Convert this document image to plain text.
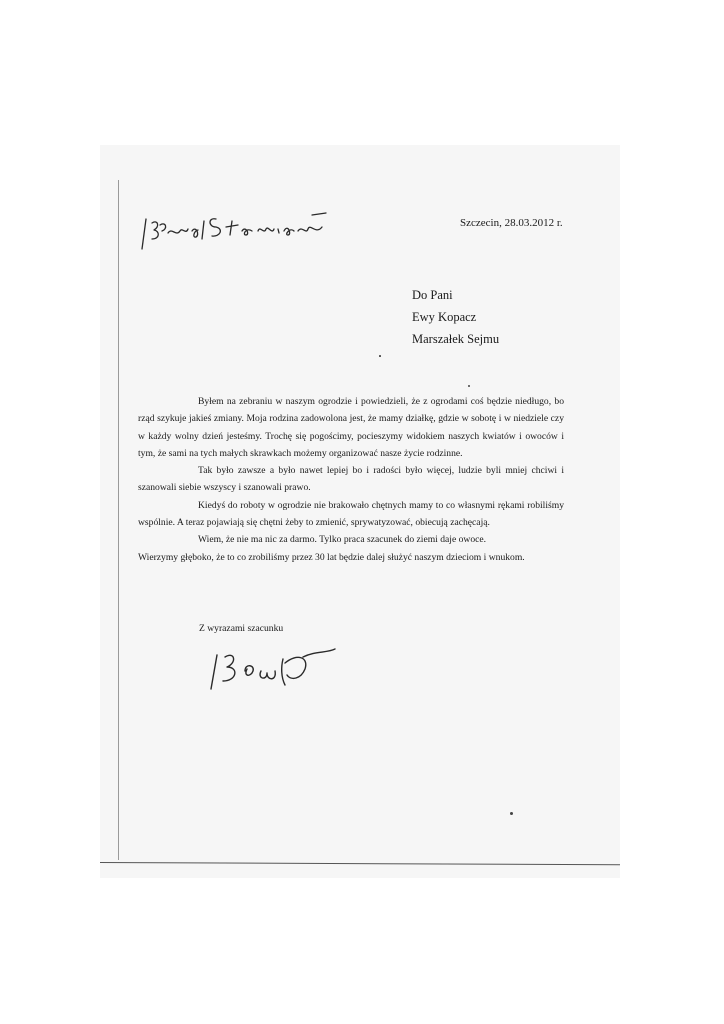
Szczecin, 28.03.2012 r.
Do Pani
Ewy Kopacz
Marszałek Sejmu

Byłem na zebraniu w naszym ogrodzie i powiedzieli, że z ogrodami coś będzie niedługo, bo rząd szykuje jakieś zmiany. Moja rodzina zadowolona jest, że mamy działkę, gdzie w sobotę i w niedziele czy w każdy wolny dzień jesteśmy. Trochę się pogościmy, pocieszymy widokiem naszych kwiatów i owoców i tym, że sami na tych małych skrawkach możemy organizować nasze życie rodzinne.

Tak było zawsze a było nawet lepiej bo i radości było więcej, ludzie byli mniej chciwi i szanowali siebie wszyscy i szanowali prawo.

Kiedyś do roboty w ogrodzie nie brakowało chętnych mamy to co własnymi rękami robiliśmy wspólnie. A teraz pojawiają się chętni żeby to zmienić, sprywatyzować, obiecują zachęcają.

Wiem, że nie ma nic za darmo. Tylko praca szacunek do ziemi daje owoce.

Wierzymy głęboko, że to co zrobiliśmy przez 30 lat będzie dalej służyć naszym dzieciom i wnukom.

Z wyrazami szacunku
